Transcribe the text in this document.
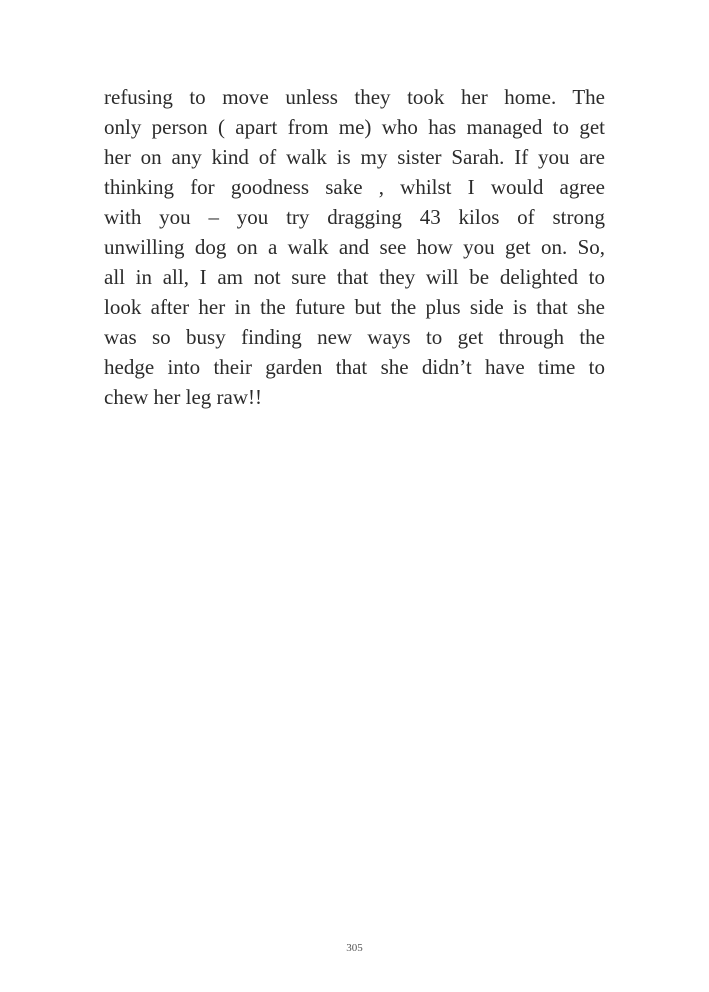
refusing to move unless they took her home. The
only person ( apart from me) who has managed to get
her on any kind of walk is my sister Sarah. If you are
thinking for goodness sake , whilst I would agree
with you – you try dragging 43 kilos of strong
unwilling dog on a walk and see how you get on. So,
all in all, I am not sure that they will be delighted to
look after her in the future but the plus side is that she
was so busy finding new ways to get through the
hedge into their garden that she didn’t have time to
chew her leg raw!!
305
